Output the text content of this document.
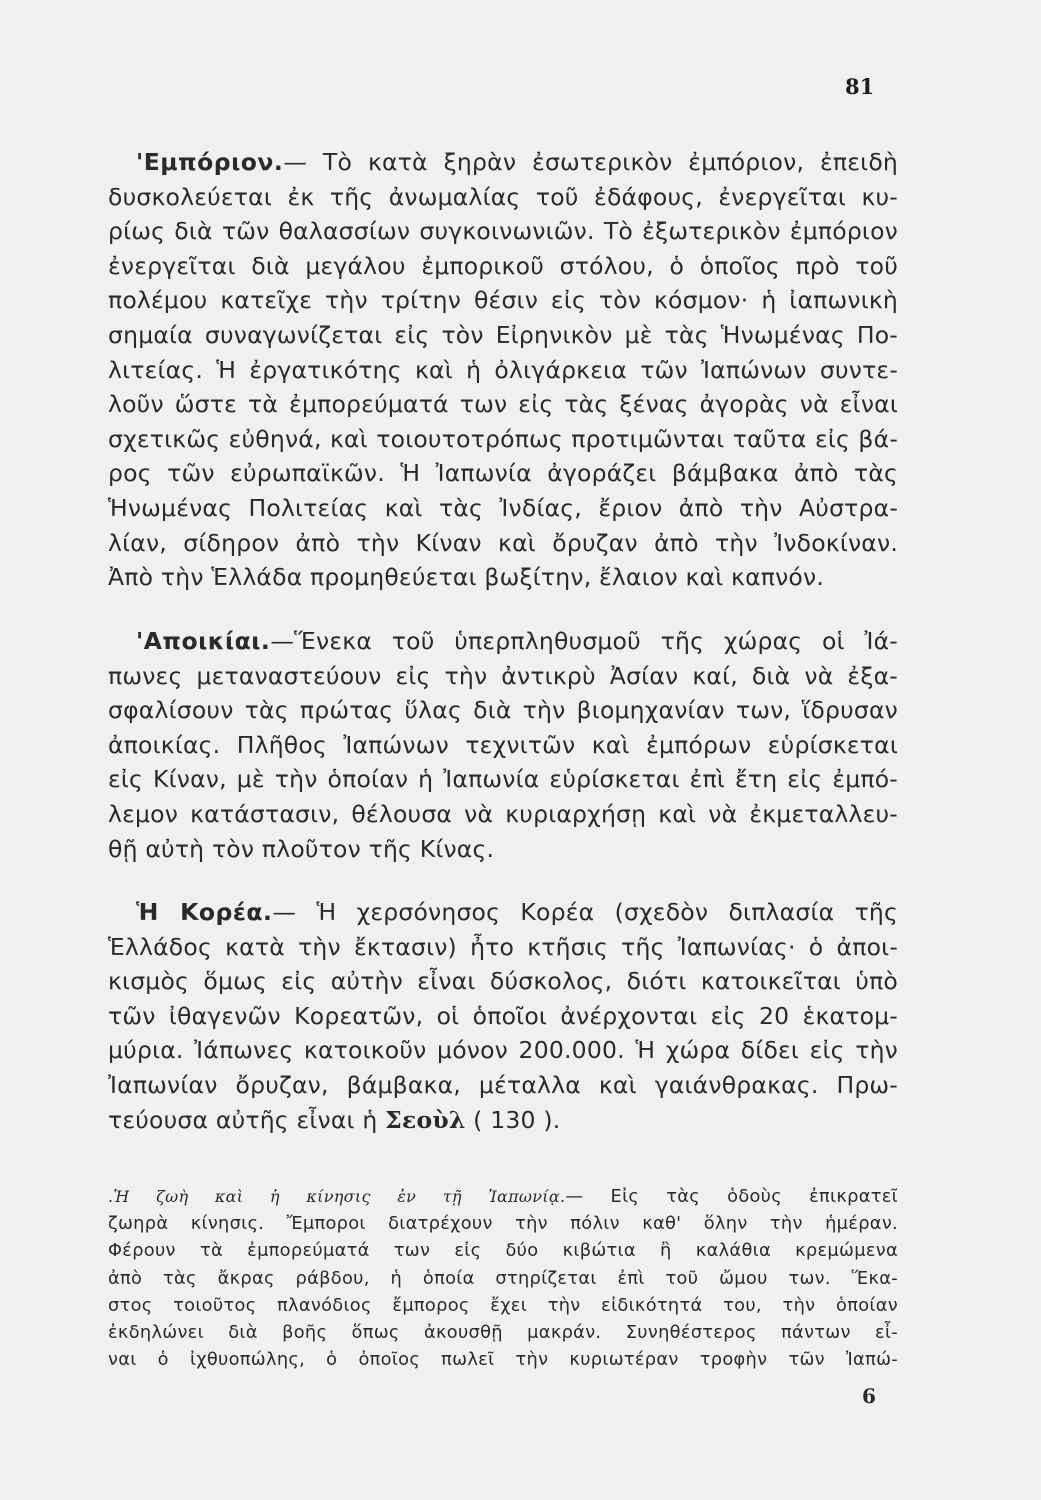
81
'Εμπόριον.— Τὸ κατὰ ξηρὰν ἐσωτερικὸν ἐμπόριον, ἐπειδὴ
δυσκολεύεται ἐκ τῆς ἀνωμαλίας τοῦ ἐδάφους, ἐνεργεῖται κυ-
ρίως διὰ τῶν θαλασσίων συγκοινωνιῶν. Τὸ ἐξωτερικὸν ἐμπόριον
ἐνεργεῖται διὰ μεγάλου ἐμπορικοῦ στόλου, ὁ ὁποῖος πρὸ τοῦ
πολέμου κατεῖχε τὴν τρίτην θέσιν εἰς τὸν κόσμον· ἡ ἰαπωνικὴ
σημαία συναγωνίζεται εἰς τὸν Εἰρηνικὸν μὲ τὰς Ἡνωμένας Πο-
λιτείας. Ἡ ἐργατικότης καὶ ἡ ὀλιγάρκεια τῶν Ἰαπώνων συντε-
λοῦν ὥστε τὰ ἐμπορεύματά των εἰς τὰς ξένας ἀγορὰς νὰ εἶναι
σχετικῶς εὐθηνά, καὶ τοιουτοτρόπως προτιμῶνται ταῦτα εἰς βά-
ρος τῶν εὐρωπαϊκῶν. Ἡ Ἰαπωνία ἀγοράζει βάμβακα ἀπὸ τὰς
Ἡνωμένας Πολιτείας καὶ τὰς Ἰνδίας, ἔριον ἀπὸ τὴν Αὐστρα-
λίαν, σίδηρον ἀπὸ τὴν Κίναν καὶ ὄρυζαν ἀπὸ τὴν Ἰνδοκίναν.
Ἀπὸ τὴν Ἑλλάδα προμηθεύεται βωξίτην, ἔλαιον καὶ καπνόν.
'Αποικίαι.—Ἕνεκα τοῦ ὑπερπληθυσμοῦ τῆς χώρας οἱ Ἰά-
πωνες μεταναστεύουν εἰς τὴν ἀντικρὺ Ἀσίαν καί, διὰ νὰ ἐξα-
σφαλίσουν τὰς πρώτας ὕλας διὰ τὴν βιομηχανίαν των, ἵδρυσαν
ἀποικίας. Πλῆθος Ἰαπώνων τεχνιτῶν καὶ ἐμπόρων εὑρίσκεται
εἰς Κίναν, μὲ τὴν ὁποίαν ἡ Ἰαπωνία εὑρίσκεται ἐπὶ ἔτη εἰς ἐμπό-
λεμον κατάστασιν, θέλουσα νὰ κυριαρχήσῃ καὶ νὰ ἐκμεταλλευ-
θῇ αὐτὴ τὸν πλοῦτον τῆς Κίνας.
Ἡ Κορέα.— Ἡ χερσόνησος Κορέα (σχεδὸν διπλασία τῆς
Ἑλλάδος κατὰ τὴν ἔκτασιν) ἦτο κτῆσις τῆς Ἰαπωνίας· ὁ ἀποι-
κισμὸς ὅμως εἰς αὐτὴν εἶναι δύσκολος, διότι κατοικεῖται ὑπὸ
τῶν ἰθαγενῶν Κορεατῶν, οἱ ὁποῖοι ἀνέρχονται εἰς 20 ἑκατομ-
μύρια. Ἰάπωνες κατοικοῦν μόνον 200.000. Ἡ χώρα δίδει εἰς τὴν
Ἰαπωνίαν ὄρυζαν, βάμβακα, μέταλλα καὶ γαιάνθρακας. Πρω-
τεύουσα αὐτῆς εἶναι ἡ Σεοὺλ ( 130 ).
.Ἡ ζωὴ καὶ ἡ κίνησις ἐν τῇ Ἰαπωνίᾳ.— Εἰς τὰς ὁδοὺς ἐπικρατεῖ
ζωηρὰ κίνησις. Ἔμποροι διατρέχουν τὴν πόλιν καθ' ὅλην τὴν ἡμέραν.
Φέρουν τὰ ἐμπορεύματά των εἰς δύο κιβώτια ἢ καλάθια κρεμώμενα
ἀπὸ τὰς ἄκρας ράβδου, ἡ ὁποία στηρίζεται ἐπὶ τοῦ ὤμου των. Ἕκα-
στος τοιοῦτος πλανόδιος ἔμπορος ἔχει τὴν εἰδικότητά του, τὴν ὁποίαν
ἐκδηλώνει διὰ βοῆς ὅπως ἀκουσθῇ μακράν. Συνηθέστερος πάντων εἶ-
ναι ὁ ἰχθυοπώλης, ὁ ὁποῖος πωλεῖ τὴν κυριωτέραν τροφὴν τῶν Ἰαπώ-
6
